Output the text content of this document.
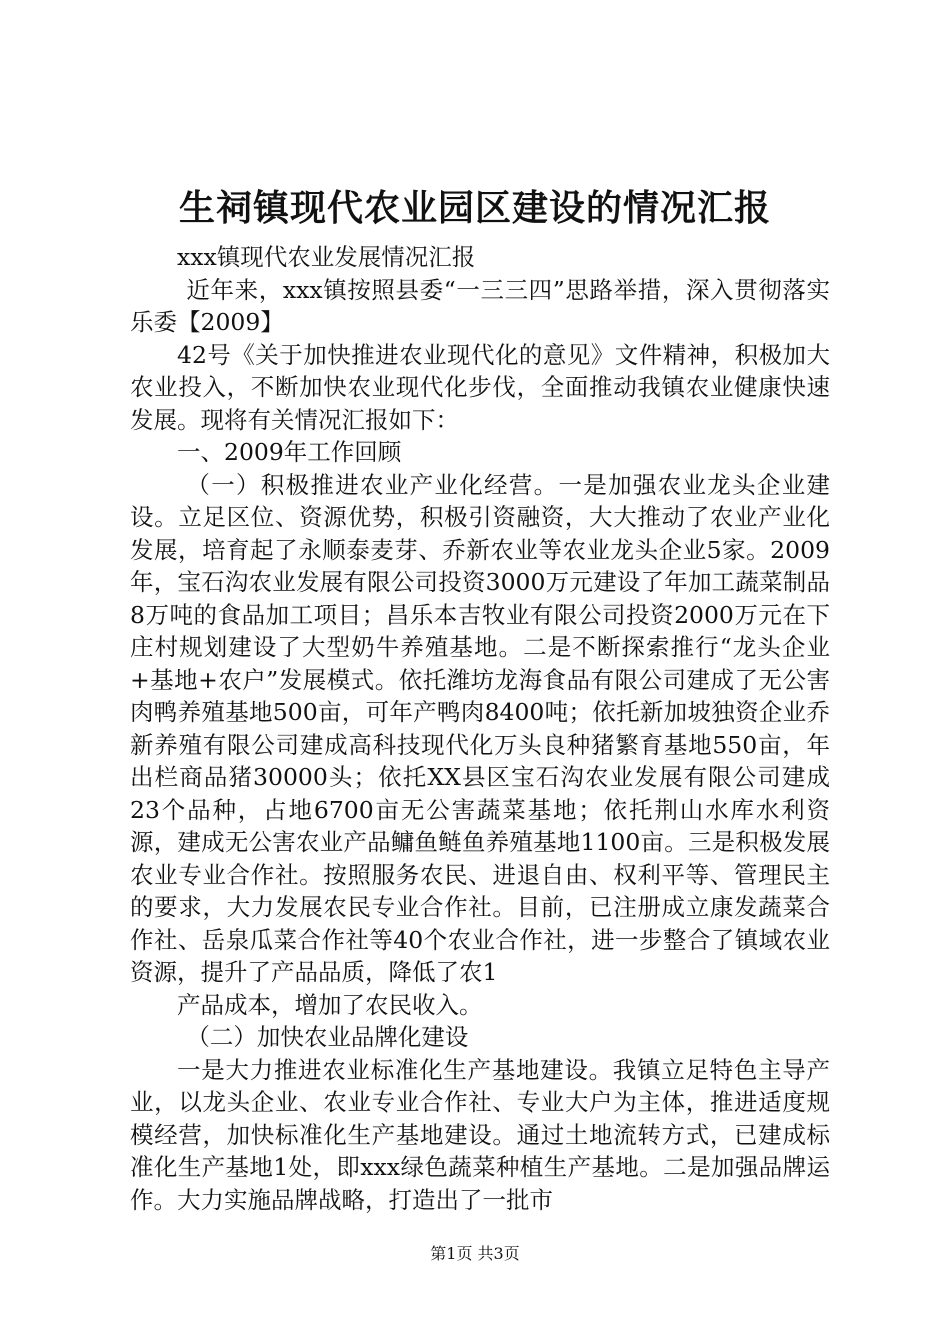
生祠镇现代农业园区建设的情况汇报

xxx镇现代农业发展情况汇报

近年来，xxx镇按照县委“一三三四”思路举措，深入贯彻落实乐委【2009】

42号《关于加快推进农业现代化的意见》文件精神，积极加大农业投入，不断加快农业现代化步伐，全面推动我镇农业健康快速发展。现将有关情况汇报如下：

一、2009年工作回顾

（一）积极推进农业产业化经营。一是加强农业龙头企业建设。立足区位、资源优势，积极引资融资，大大推动了农业产业化发展，培育起了永顺泰麦芽、乔新农业等农业龙头企业5家。2009年，宝石沟农业发展有限公司投资3000万元建设了年加工蔬菜制品8万吨的食品加工项目；昌乐本吉牧业有限公司投资2000万元在下庄村规划建设了大型奶牛养殖基地。二是不断探索推行“龙头企业+基地+农户”发展模式。依托潍坊龙海食品有限公司建成了无公害肉鸭养殖基地500亩，可年产鸭肉8400吨；依托新加坡独资企业乔新养殖有限公司建成高科技现代化万头良种猪繁育基地550亩，年出栏商品猪30000头；依托XX县区宝石沟农业发展有限公司建成23个品种，占地6700亩无公害蔬菜基地；依托荆山水库水利资源，建成无公害农业产品鳙鱼鲢鱼养殖基地1100亩。三是积极发展农业专业合作社。按照服务农民、进退自由、权利平等、管理民主的要求，大力发展农民专业合作社。目前，已注册成立康发蔬菜合作社、岳泉瓜菜合作社等40个农业合作社，进一步整合了镇域农业资源，提升了产品品质，降低了农1

产品成本，增加了农民收入。

（二）加快农业品牌化建设

一是大力推进农业标准化生产基地建设。我镇立足特色主导产业，以龙头企业、农业专业合作社、专业大户为主体，推进适度规模经营，加快标准化生产基地建设。通过土地流转方式，已建成标准化生产基地1处，即xxx绿色蔬菜种植生产基地。二是加强品牌运作。大力实施品牌战略，打造出了一批市

第1页 共3页
